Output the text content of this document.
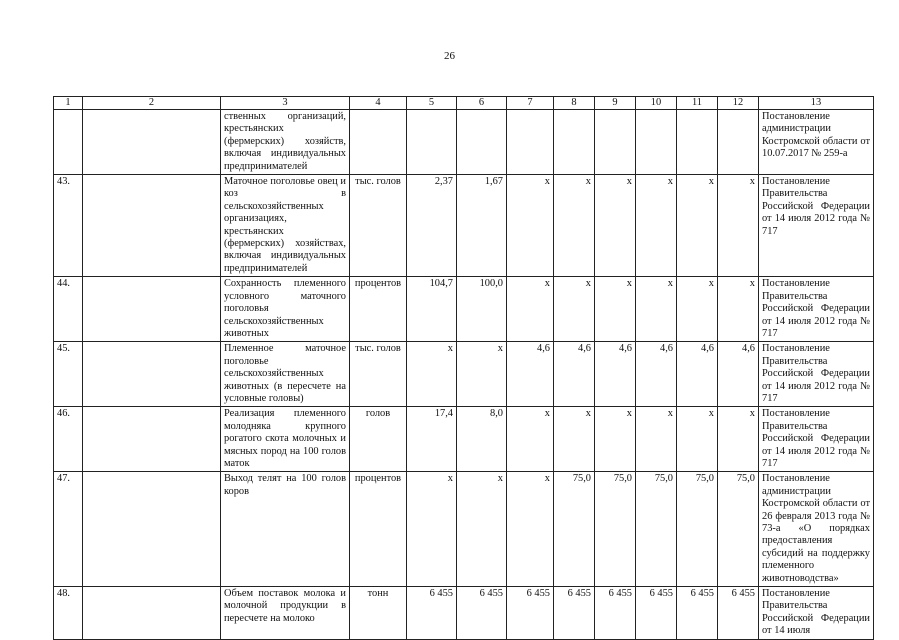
26
1	2	3	4	5	6	7	8	9	10	11	12	13
		ственных организаций, крестьянских (фермерских) хозяйств, включая индивидуальных предпринимателей										Постановление администрации Костромской области от 10.07.2017 № 259-а
43.		Маточное поголовье овец и коз в сельскохозяйственных организациях, крестьянских (фермерских) хозяйствах, включая индивидуальных предпринимателей	тыс. голов	2,37	1,67	x	x	x	x	x	x	Постановление Правительства Российской Федерации от 14 июля 2012 года № 717
44.		Сохранность племенного условного маточного поголовья сельскохозяйственных животных	процентов	104,7	100,0	x	x	x	x	x	x	Постановление Правительства Российской Федерации от 14 июля 2012 года № 717
45.		Племенное маточное поголовье сельскохозяйственных животных (в пересчете на условные головы)	тыс. голов	x	x	4,6	4,6	4,6	4,6	4,6	4,6	Постановление Правительства Российской Федерации от 14 июля 2012 года № 717
46.		Реализация племенного молодняка крупного рогатого скота молочных и мясных пород на 100 голов маток	голов	17,4	8,0	x	x	x	x	x	x	Постановление Правительства Российской Федерации от 14 июля 2012 года № 717
47.		Выход телят на 100 голов коров	процентов	x	x	x	75,0	75,0	75,0	75,0	75,0	Постановление администрации Костромской области от 26 февраля 2013 года № 73-а «О порядках предоставления субсидий на поддержку племенного животноводства»
48.		Объем поставок молока и молочной продукции в пересчете на молоко	тонн	6 455	6 455	6 455	6 455	6 455	6 455	6 455	6 455	Постановление Правительства Российской Федерации от 14 июля
